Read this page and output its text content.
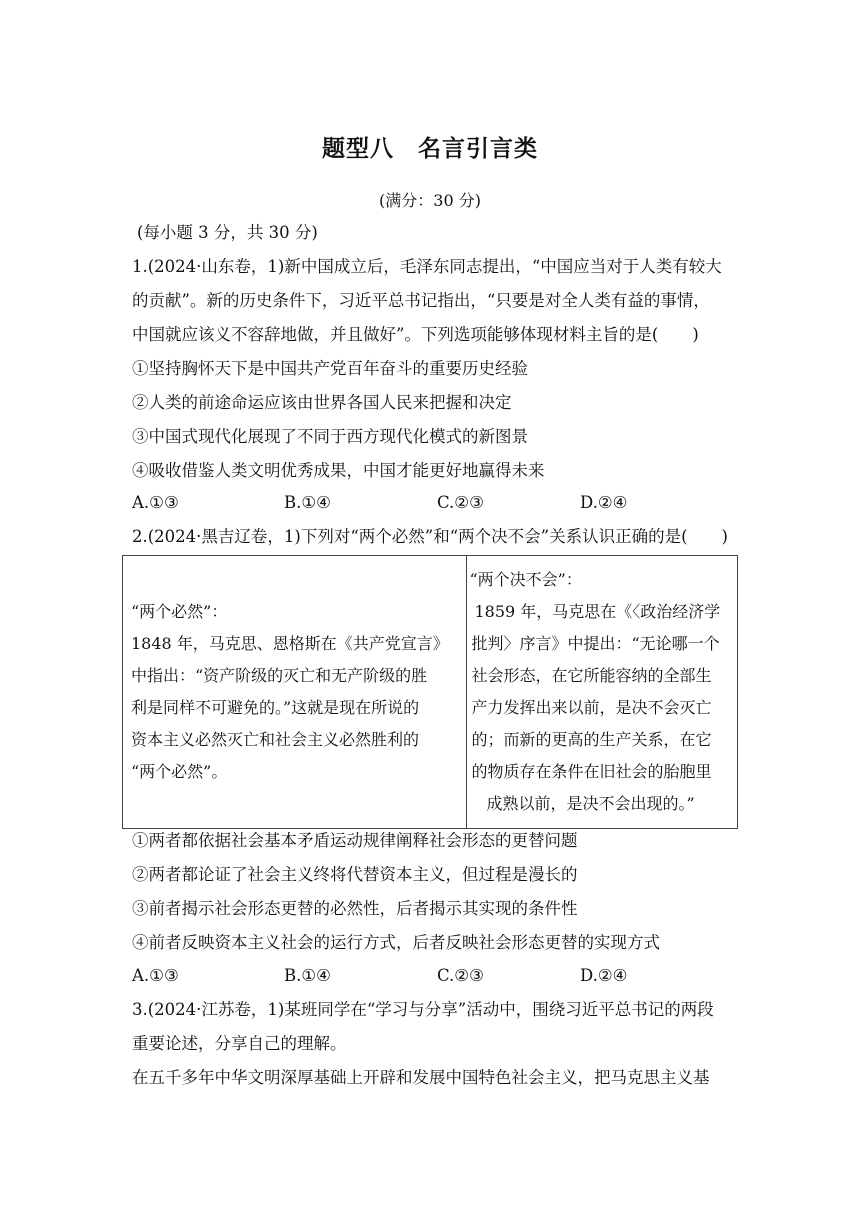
题型八　名言引言类
(满分：30 分)
(每小题 3 分，共 30 分)
1.(2024·山东卷，1)新中国成立后，毛泽东同志提出，“中国应当对于人类有较大
的贡献”。新的历史条件下，习近平总书记指出，“只要是对全人类有益的事情，
中国就应该义不容辞地做，并且做好”。下列选项能够体现材料主旨的是( )
①坚持胸怀天下是中国共产党百年奋斗的重要历史经验
②人类的前途命运应该由世界各国人民来把握和决定
③中国式现代化展现了不同于西方现代化模式的新图景
④吸收借鉴人类文明优秀成果，中国才能更好地赢得未来
A.①③	B.①④	C.②③	D.②④
2.(2024·黑吉辽卷，1)下列对“两个必然”和“两个决不会”关系认识正确的是( )
“两个必然”：
1848 年，马克思、恩格斯在《共产党宣言》
中指出：“资产阶级的灭亡和无产阶级的胜
利是同样不可避免的。”这就是现在所说的
资本主义必然灭亡和社会主义必然胜利的
“两个必然”。

“两个决不会”：
1859 年，马克思在《〈政治经济学
批判〉序言》中提出：“无论哪一个
社会形态，在它所能容纳的全部生
产力发挥出来以前，是决不会灭亡
的；而新的更高的生产关系，在它
的物质存在条件在旧社会的胎胞里
成熟以前，是决不会出现的。”
①两者都依据社会基本矛盾运动规律阐释社会形态的更替问题
②两者都论证了社会主义终将代替资本主义，但过程是漫长的
③前者揭示社会形态更替的必然性，后者揭示其实现的条件性
④前者反映资本主义社会的运行方式，后者反映社会形态更替的实现方式
A.①③	B.①④	C.②③	D.②④
3.(2024·江苏卷，1)某班同学在“学习与分享”活动中，围绕习近平总书记的两段
重要论述，分享自己的理解。
在五千多年中华文明深厚基础上开辟和发展中国特色社会主义，把马克思主义基
